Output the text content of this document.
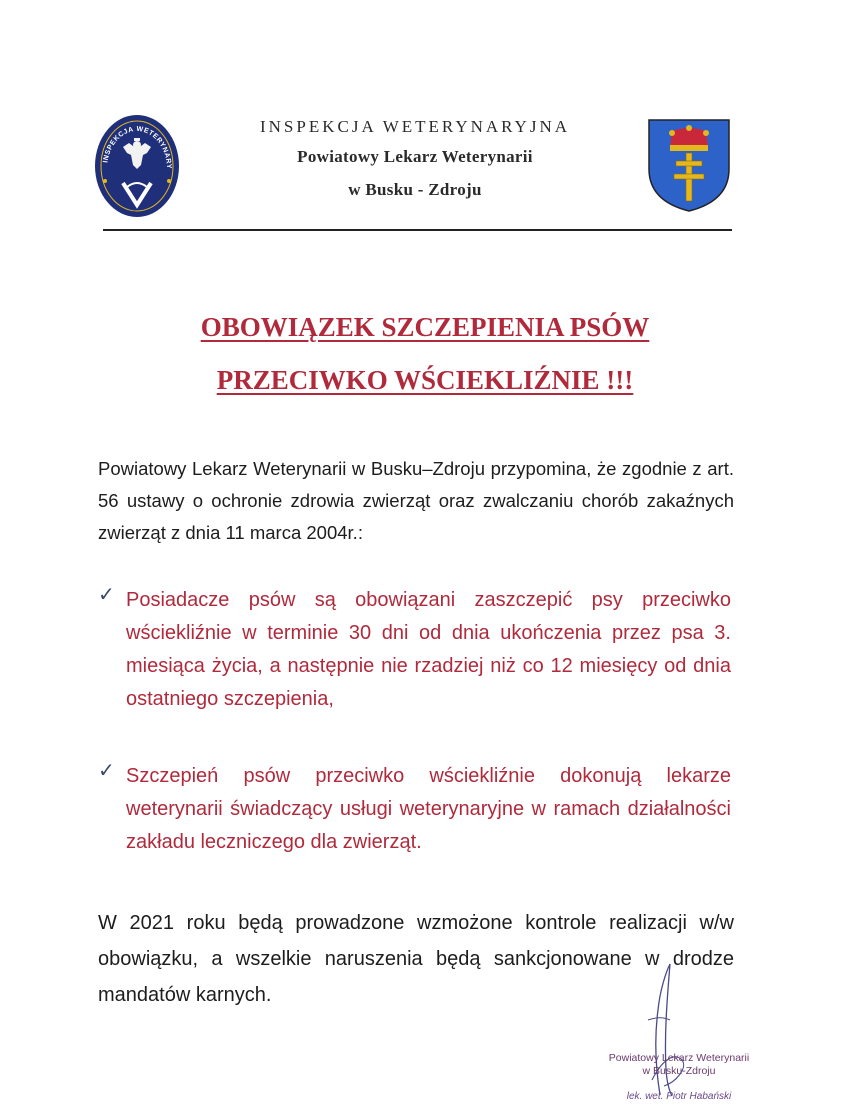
INSPEKCJA WETERYNARY
INSPEKCJA WETERYNARYJNA
Powiatowy Lekarz Weterynarii
w Busku - Zdroju
OBOWIĄZEK SZCZEPIENIA PSÓW
PRZECIWKO WŚCIEKLIŹNIE !!!
Powiatowy Lekarz Weterynarii w Busku–Zdroju przypomina, że zgodnie z art. 56 ustawy o ochronie zdrowia zwierząt oraz zwalczaniu chorób zakaźnych zwierząt z dnia 11 marca 2004r.:
✓ Posiadacze psów są obowiązani zaszczepić psy przeciwko wściekliźnie w terminie 30 dni od dnia ukończenia przez psa 3. miesiąca życia, a następnie nie rzadziej niż co 12 miesięcy od dnia ostatniego szczepienia,
✓ Szczepień psów przeciwko wściekliźnie dokonują lekarze weterynarii świadczący usługi weterynaryjne w ramach działalności zakładu leczniczego dla zwierząt.
W 2021 roku będą prowadzone wzmożone kontrole realizacji w/w obowiązku, a wszelkie naruszenia będą sankcjonowane w drodze mandatów karnych.
Powiatowy Lekarz Weterynarii
w Busku-Zdroju
lek. wet. Piotr Habański
